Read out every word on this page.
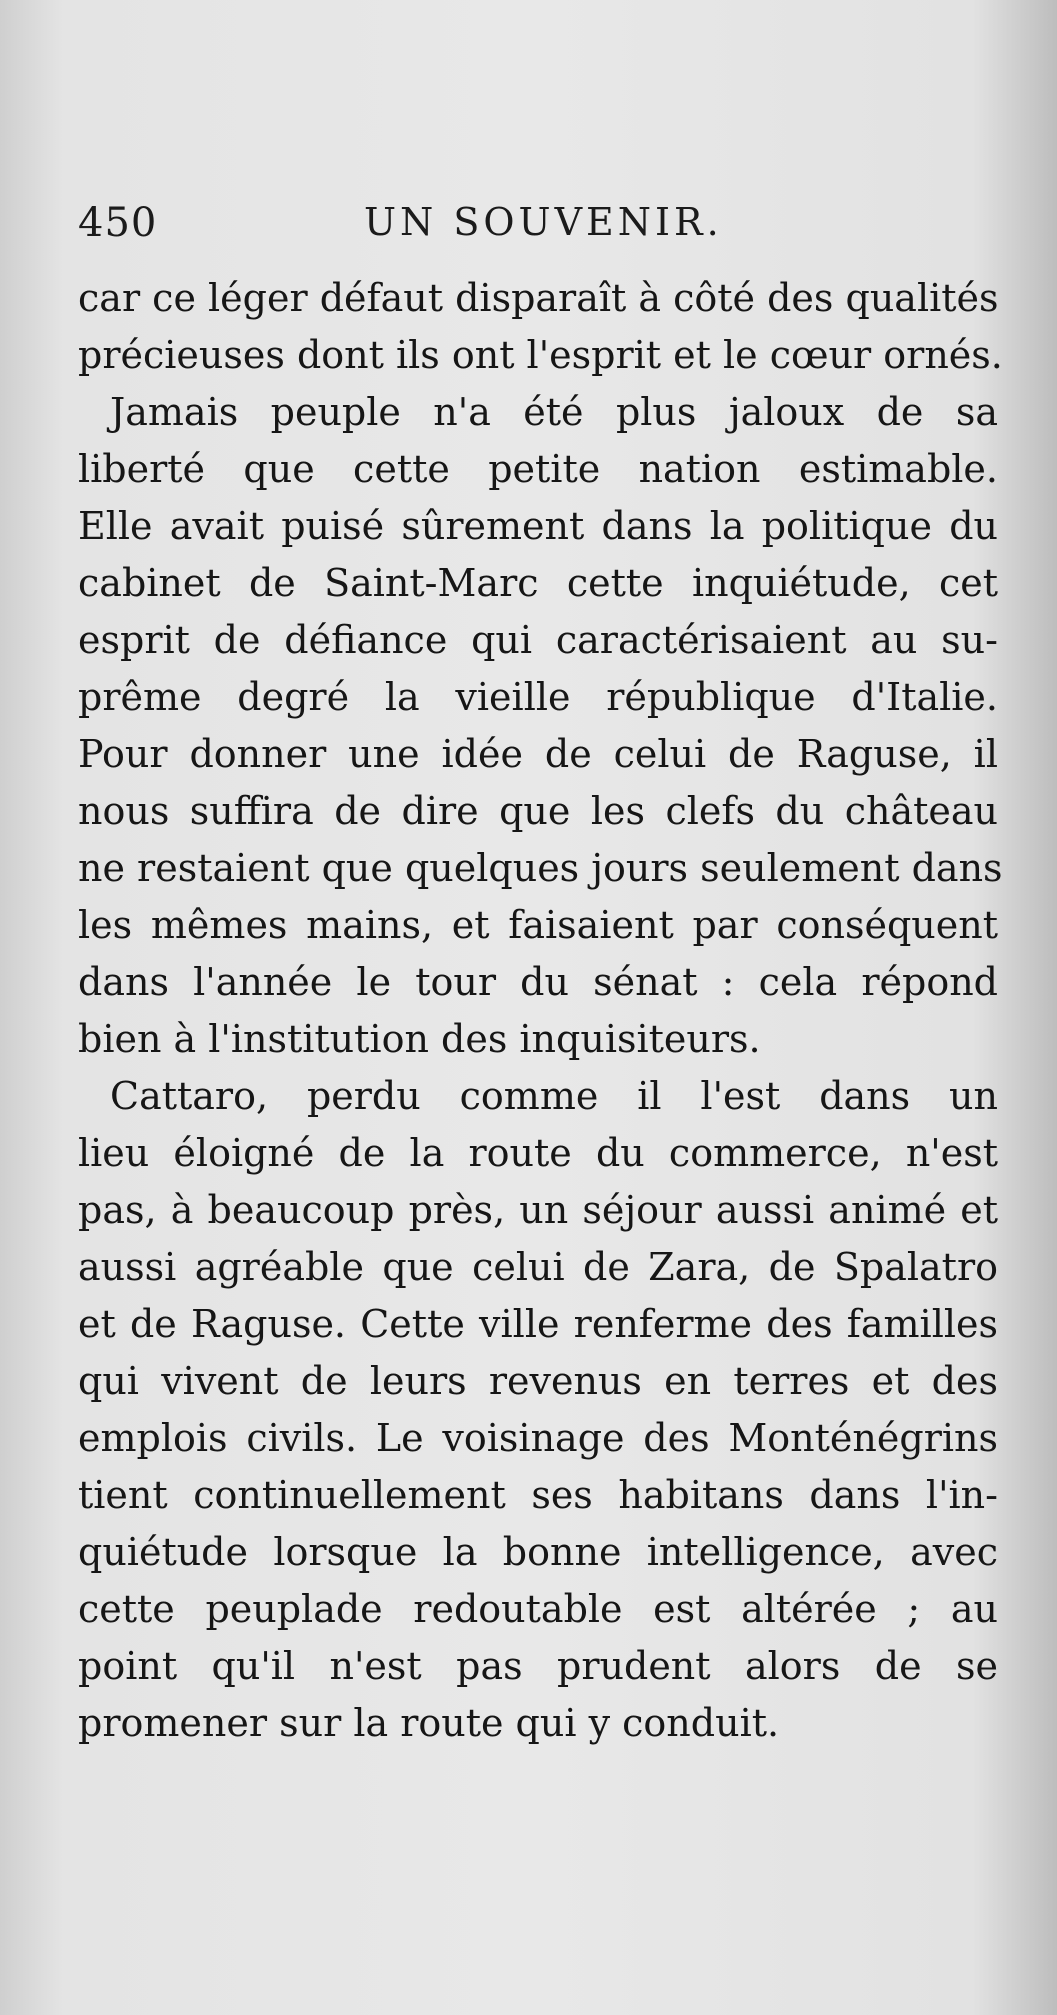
450	UN SOUVENIR.

car ce léger défaut disparaît à côté des qualités
précieuses dont ils ont l'esprit et le cœur ornés.

Jamais peuple n'a été plus jaloux de sa
liberté que cette petite nation estimable.
Elle avait puisé sûrement dans la politique du
cabinet de Saint-Marc cette inquiétude, cet
esprit de défiance qui caractérisaient au su-
prême degré la vieille république d'Italie.
Pour donner une idée de celui de Raguse, il
nous suffira de dire que les clefs du château
ne restaient que quelques jours seulement dans
les mêmes mains, et faisaient par conséquent
dans l'année le tour du sénat : cela répond
bien à l'institution des inquisiteurs.

Cattaro, perdu comme il l'est dans un
lieu éloigné de la route du commerce, n'est
pas, à beaucoup près, un séjour aussi animé et
aussi agréable que celui de Zara, de Spalatro
et de Raguse. Cette ville renferme des familles
qui vivent de leurs revenus en terres et des
emplois civils. Le voisinage des Monténégrins
tient continuellement ses habitans dans l'in-
quiétude lorsque la bonne intelligence, avec
cette peuplade redoutable est altérée ; au
point qu'il n'est pas prudent alors de se
promener sur la route qui y conduit.
